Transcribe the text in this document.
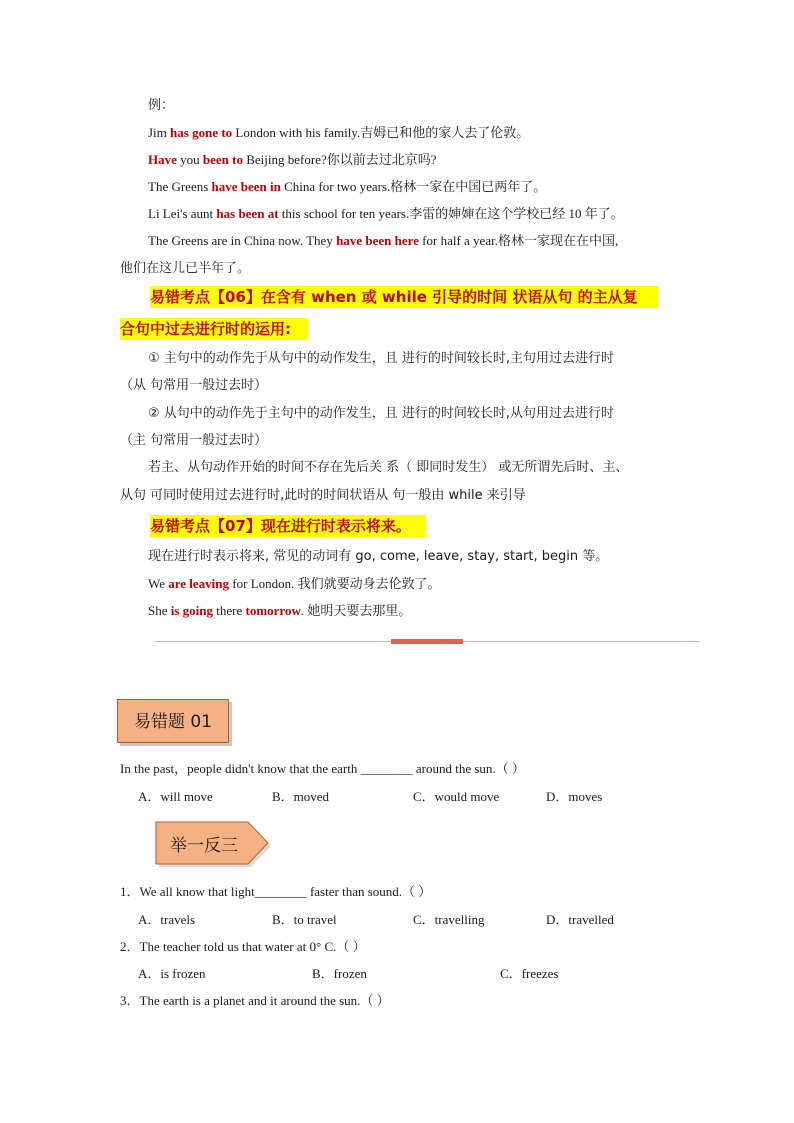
例：
Jim has gone to London with his family.吉姆已和他的家人去了伦敦。
Have you been to Beijing before?你以前去过北京吗?
The Greens have been in China for two years.格林一家在中国已两年了。
Li Lei's aunt has been at this school for ten years.李雷的婶婶在这个学校已经 10 年了。
The Greens are in China now. They have been here for half a year.格林一家现在在中国,
他们在这儿已半年了。
易错考点【06】在含有 when 或 while 引导的时间 状语从句 的主从复
合句中过去进行时的运用:
① 主句中的动作先于从句中的动作发生，且 进行的时间较长时,主句用过去进行时
（从 句常用一般过去时）
② 从句中的动作先于主句中的动作发生，且 进行的时间较长时,从句用过去进行时
（主 句常用一般过去时）
若主、从句动作开始的时间不存在先后关 系（ 即同时发生） 或无所谓先后时、主、
从句 可同时使用过去进行时,此时的时间状语从 句一般由 while 来引导
易错考点【07】现在进行时表示将来。
现在进行时表示将来, 常见的动词有 go, come, leave, stay, start, begin 等。
We are leaving for London. 我们就要动身去伦敦了。
She is going there tomorrow. 她明天要去那里。
易错题 01
In the past，people didn't know that the earth ________ around the sun.（ ）
A．will move	B．moved	C．would move	D．moves
举一反三
1．We all know that light________ faster than sound.（ ）
A．travels	B．to travel	C．travelling	D．travelled
2．The teacher told us that water at 0° C.（ ）
A．is frozen	B．frozen	C．freezes
3．The earth is a planet and it around the sun.（ ）
